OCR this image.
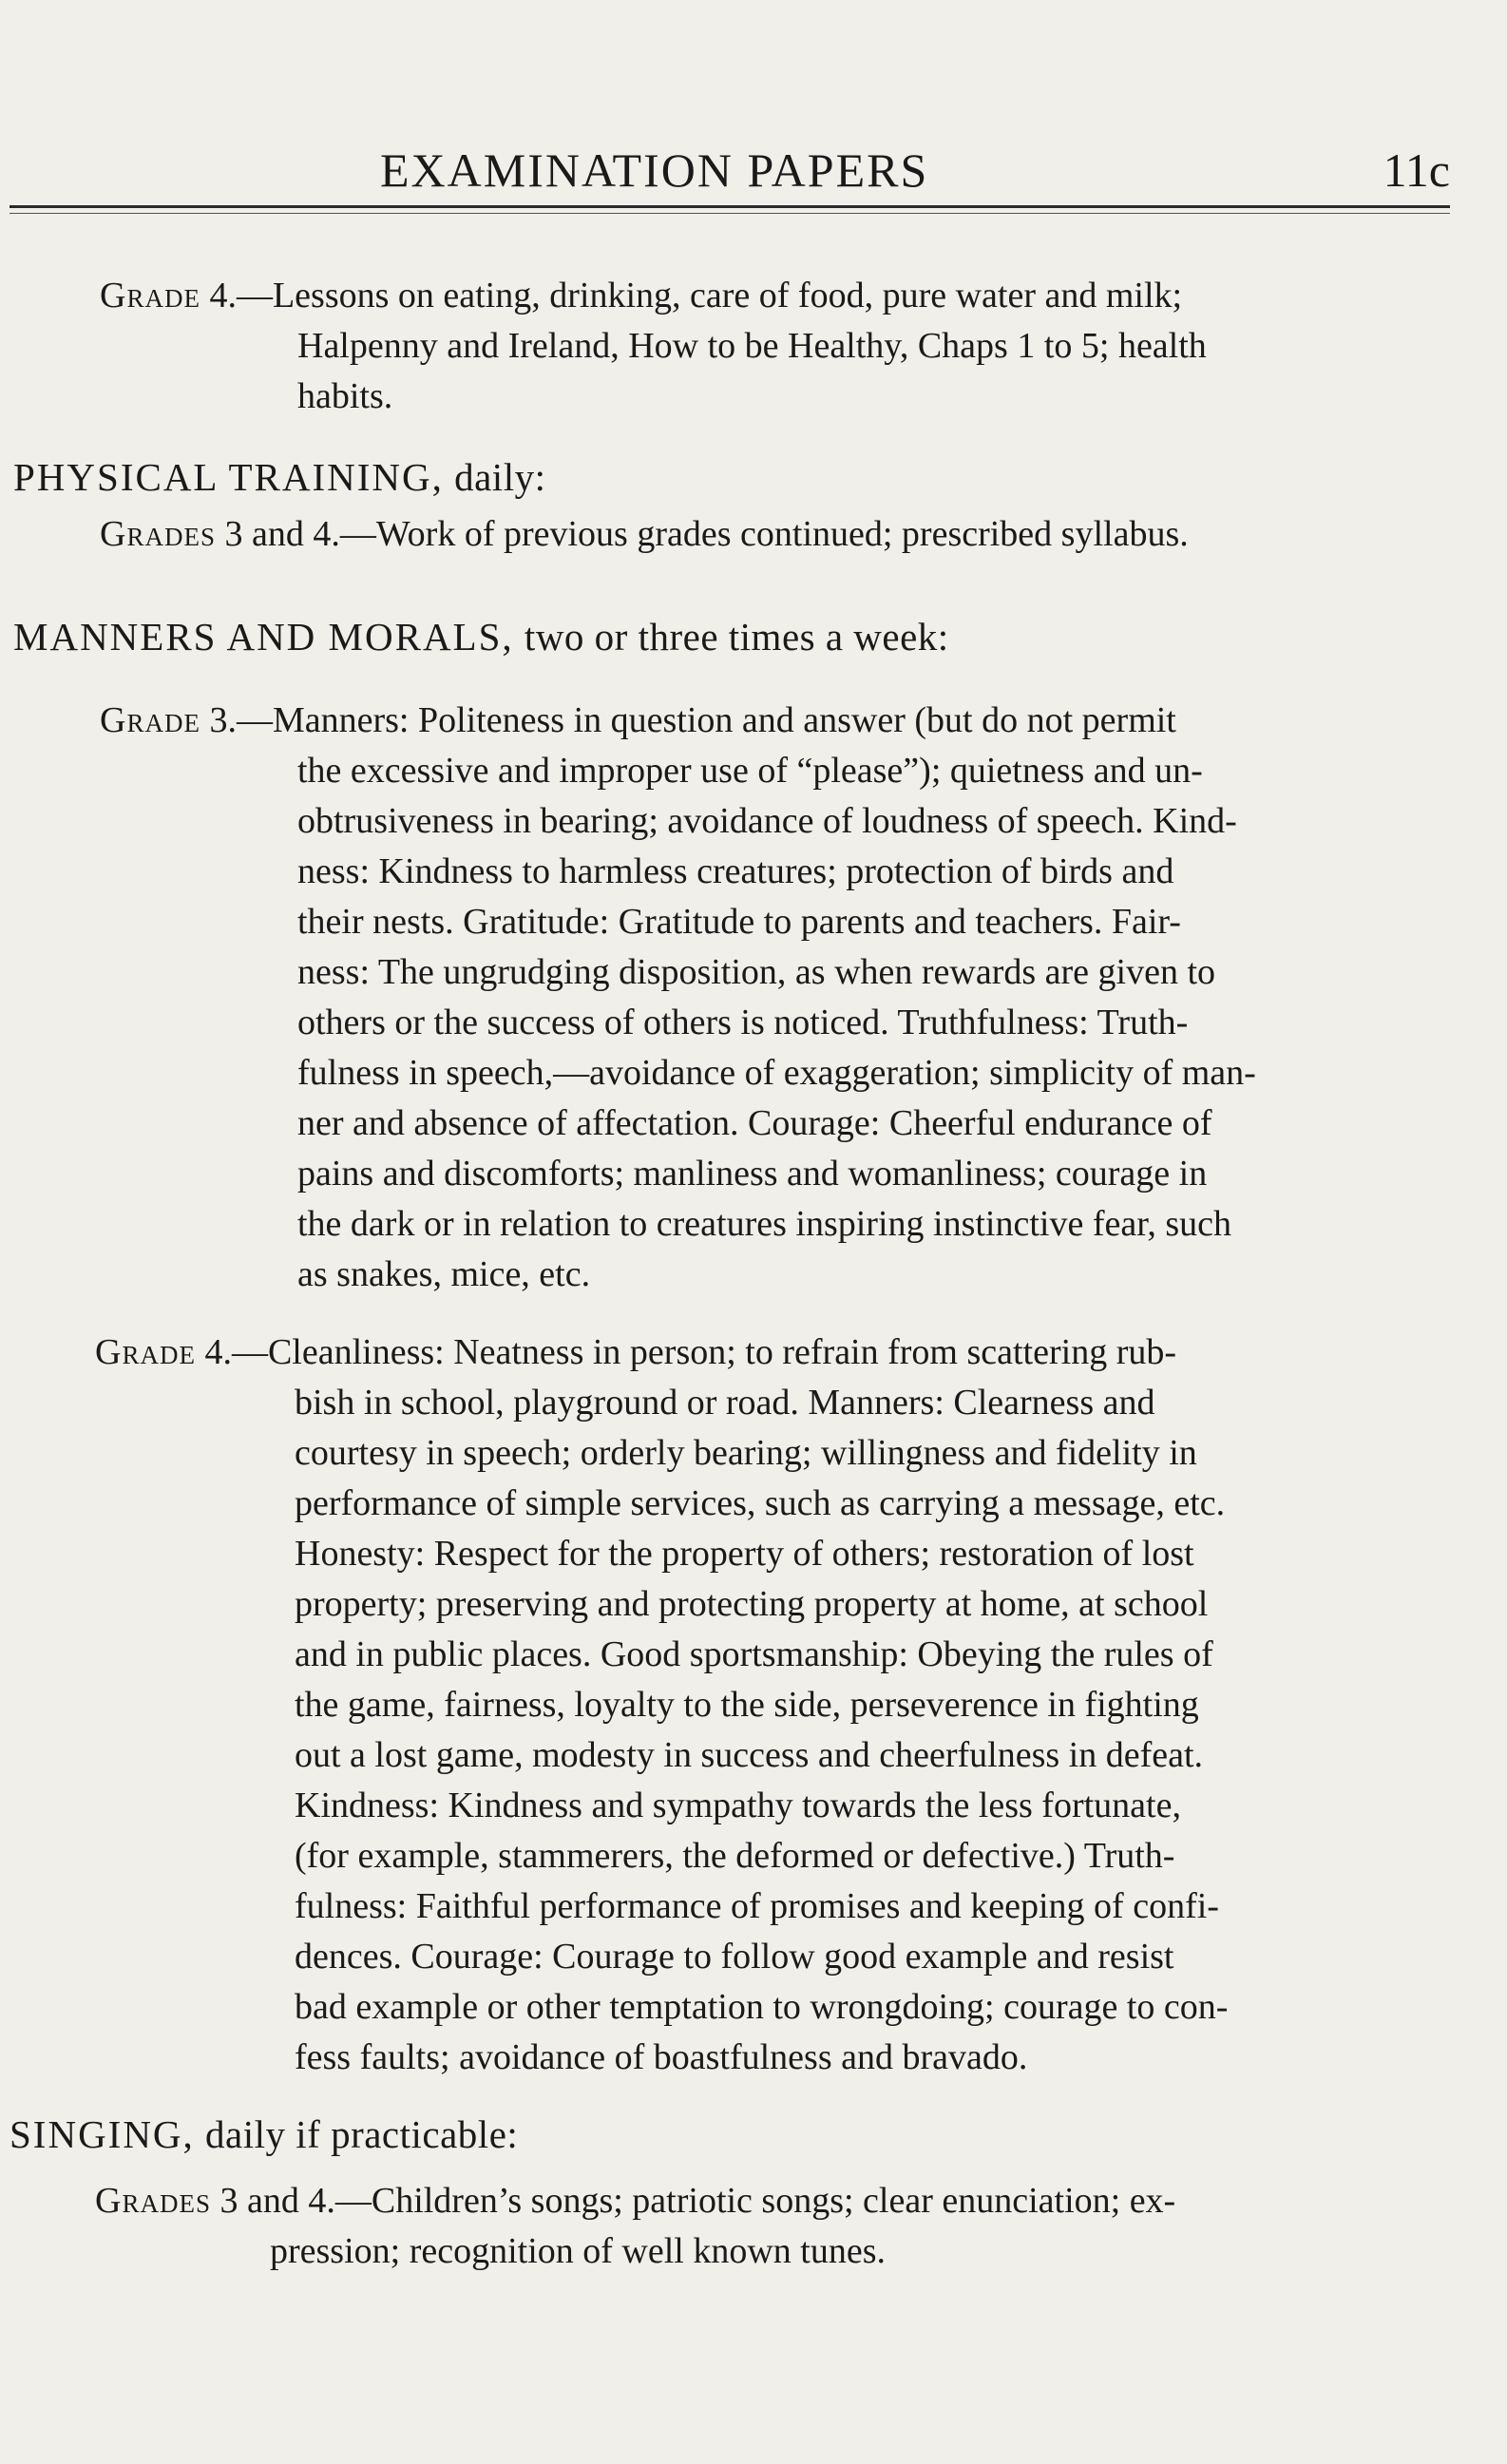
EXAMINATION PAPERS	11c
Grade 4.—Lessons on eating, drinking, care of food, pure water and milk;
Halpenny and Ireland, How to be Healthy, Chaps 1 to 5; health
habits.
PHYSICAL TRAINING, daily:
Grades 3 and 4.—Work of previous grades continued; prescribed syllabus.
MANNERS AND MORALS, two or three times a week:
Grade 3.—Manners: Politeness in question and answer (but do not permit
the excessive and improper use of “please”); quietness and un-
obtrusiveness in bearing; avoidance of loudness of speech. Kind-
ness: Kindness to harmless creatures; protection of birds and
their nests. Gratitude: Gratitude to parents and teachers. Fair-
ness: The ungrudging disposition, as when rewards are given to
others or the success of others is noticed. Truthfulness: Truth-
fulness in speech,—avoidance of exaggeration; simplicity of man-
ner and absence of affectation. Courage: Cheerful endurance of
pains and discomforts; manliness and womanliness; courage in
the dark or in relation to creatures inspiring instinctive fear, such
as snakes, mice, etc.
Grade 4.—Cleanliness: Neatness in person; to refrain from scattering rub-
bish in school, playground or road. Manners: Clearness and
courtesy in speech; orderly bearing; willingness and fidelity in
performance of simple services, such as carrying a message, etc.
Honesty: Respect for the property of others; restoration of lost
property; preserving and protecting property at home, at school
and in public places. Good sportsmanship: Obeying the rules of
the game, fairness, loyalty to the side, perseverence in fighting
out a lost game, modesty in success and cheerfulness in defeat.
Kindness: Kindness and sympathy towards the less fortunate,
(for example, stammerers, the deformed or defective.) Truth-
fulness: Faithful performance of promises and keeping of confi-
dences. Courage: Courage to follow good example and resist
bad example or other temptation to wrongdoing; courage to con-
fess faults; avoidance of boastfulness and bravado.
SINGING, daily if practicable:
Grades 3 and 4.—Children’s songs; patriotic songs; clear enunciation; ex-
pression; recognition of well known tunes.
